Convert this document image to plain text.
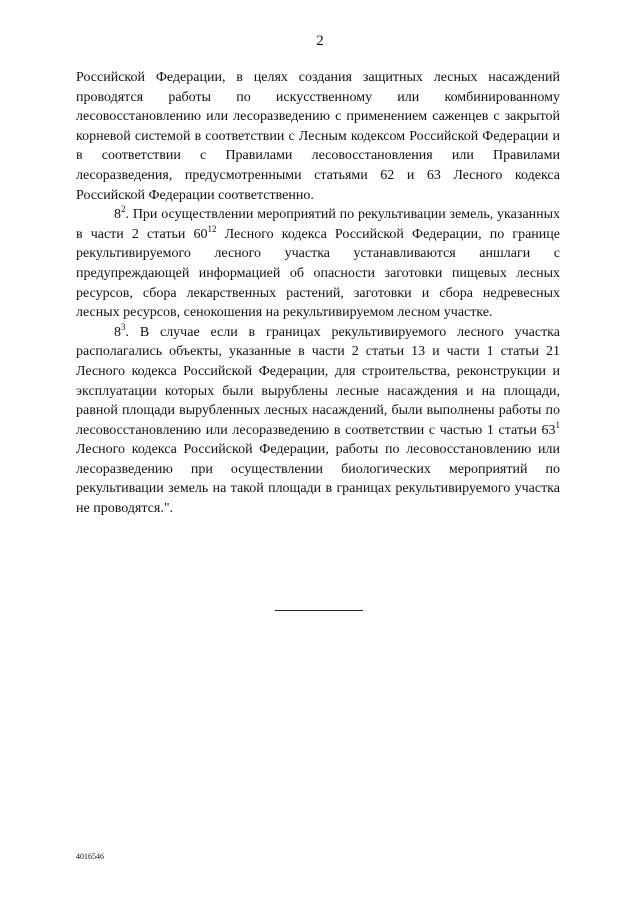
2

Российской Федерации, в целях создания защитных лесных насаждений проводятся работы по искусственному или комбинированному лесовосстановлению или лесоразведению с применением саженцев с закрытой корневой системой в соответствии с Лесным кодексом Российской Федерации и в соответствии с Правилами лесовосстановления или Правилами лесоразведения, предусмотренными статьями 62 и 63 Лесного кодекса Российской Федерации соответственно.

$8^2$. При осуществлении мероприятий по рекультивации земель, указанных в части 2 статьи $60^{12}$ Лесного кодекса Российской Федерации, по границе рекультивируемого лесного участка устанавливаются аншлаги с предупреждающей информацией об опасности заготовки пищевых лесных ресурсов, сбора лекарственных растений, заготовки и сбора недревесных лесных ресурсов, сенокошения на рекультивируемом лесном участке.

$8^3$. В случае если в границах рекультивируемого лесного участка располагались объекты, указанные в части 2 статьи 13 и части 1 статьи 21 Лесного кодекса Российской Федерации, для строительства, реконструкции и эксплуатации которых были вырублены лесные насаждения и на площади, равной площади вырубленных лесных насаждений, были выполнены работы по лесовосстановлению или лесоразведению в соответствии с частью 1 статьи $63^1$ Лесного кодекса Российской Федерации, работы по лесовосстановлению или лесоразведению при осуществлении биологических мероприятий по рекультивации земель на такой площади в границах рекультивируемого участка не проводятся.".

4016546
